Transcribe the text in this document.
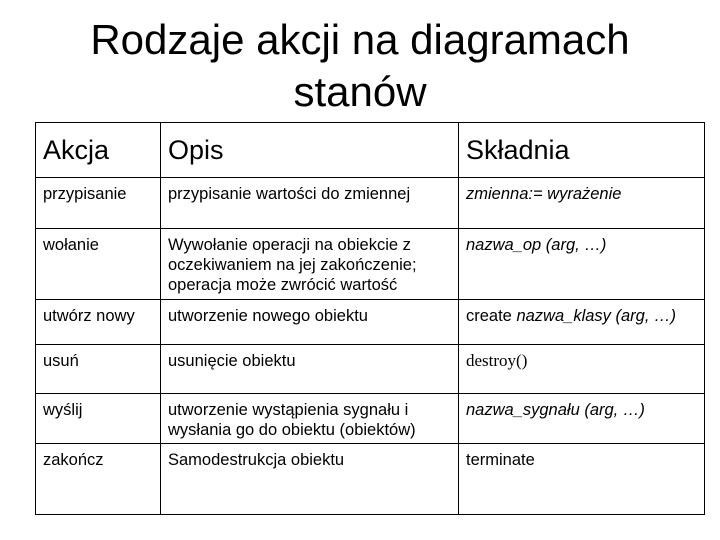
Rodzaje akcji na diagramach
stanów
Akcja	Opis	Składnia
przypisanie	przypisanie wartości do zmiennej	zmienna:= wyrażenie
wołanie	Wywołanie operacji na obiekcie z oczekiwaniem na jej zakończenie; operacja może zwrócić wartość	nazwa_op (arg, …)
utwórz nowy	utworzenie nowego obiektu	create nazwa_klasy (arg, …)
usuń	usunięcie obiektu	destroy()
wyślij	utworzenie wystąpienia sygnału i wysłania go do obiektu (obiektów)	nazwa_sygnału (arg, …)
zakończ	Samodestrukcja obiektu	terminate
